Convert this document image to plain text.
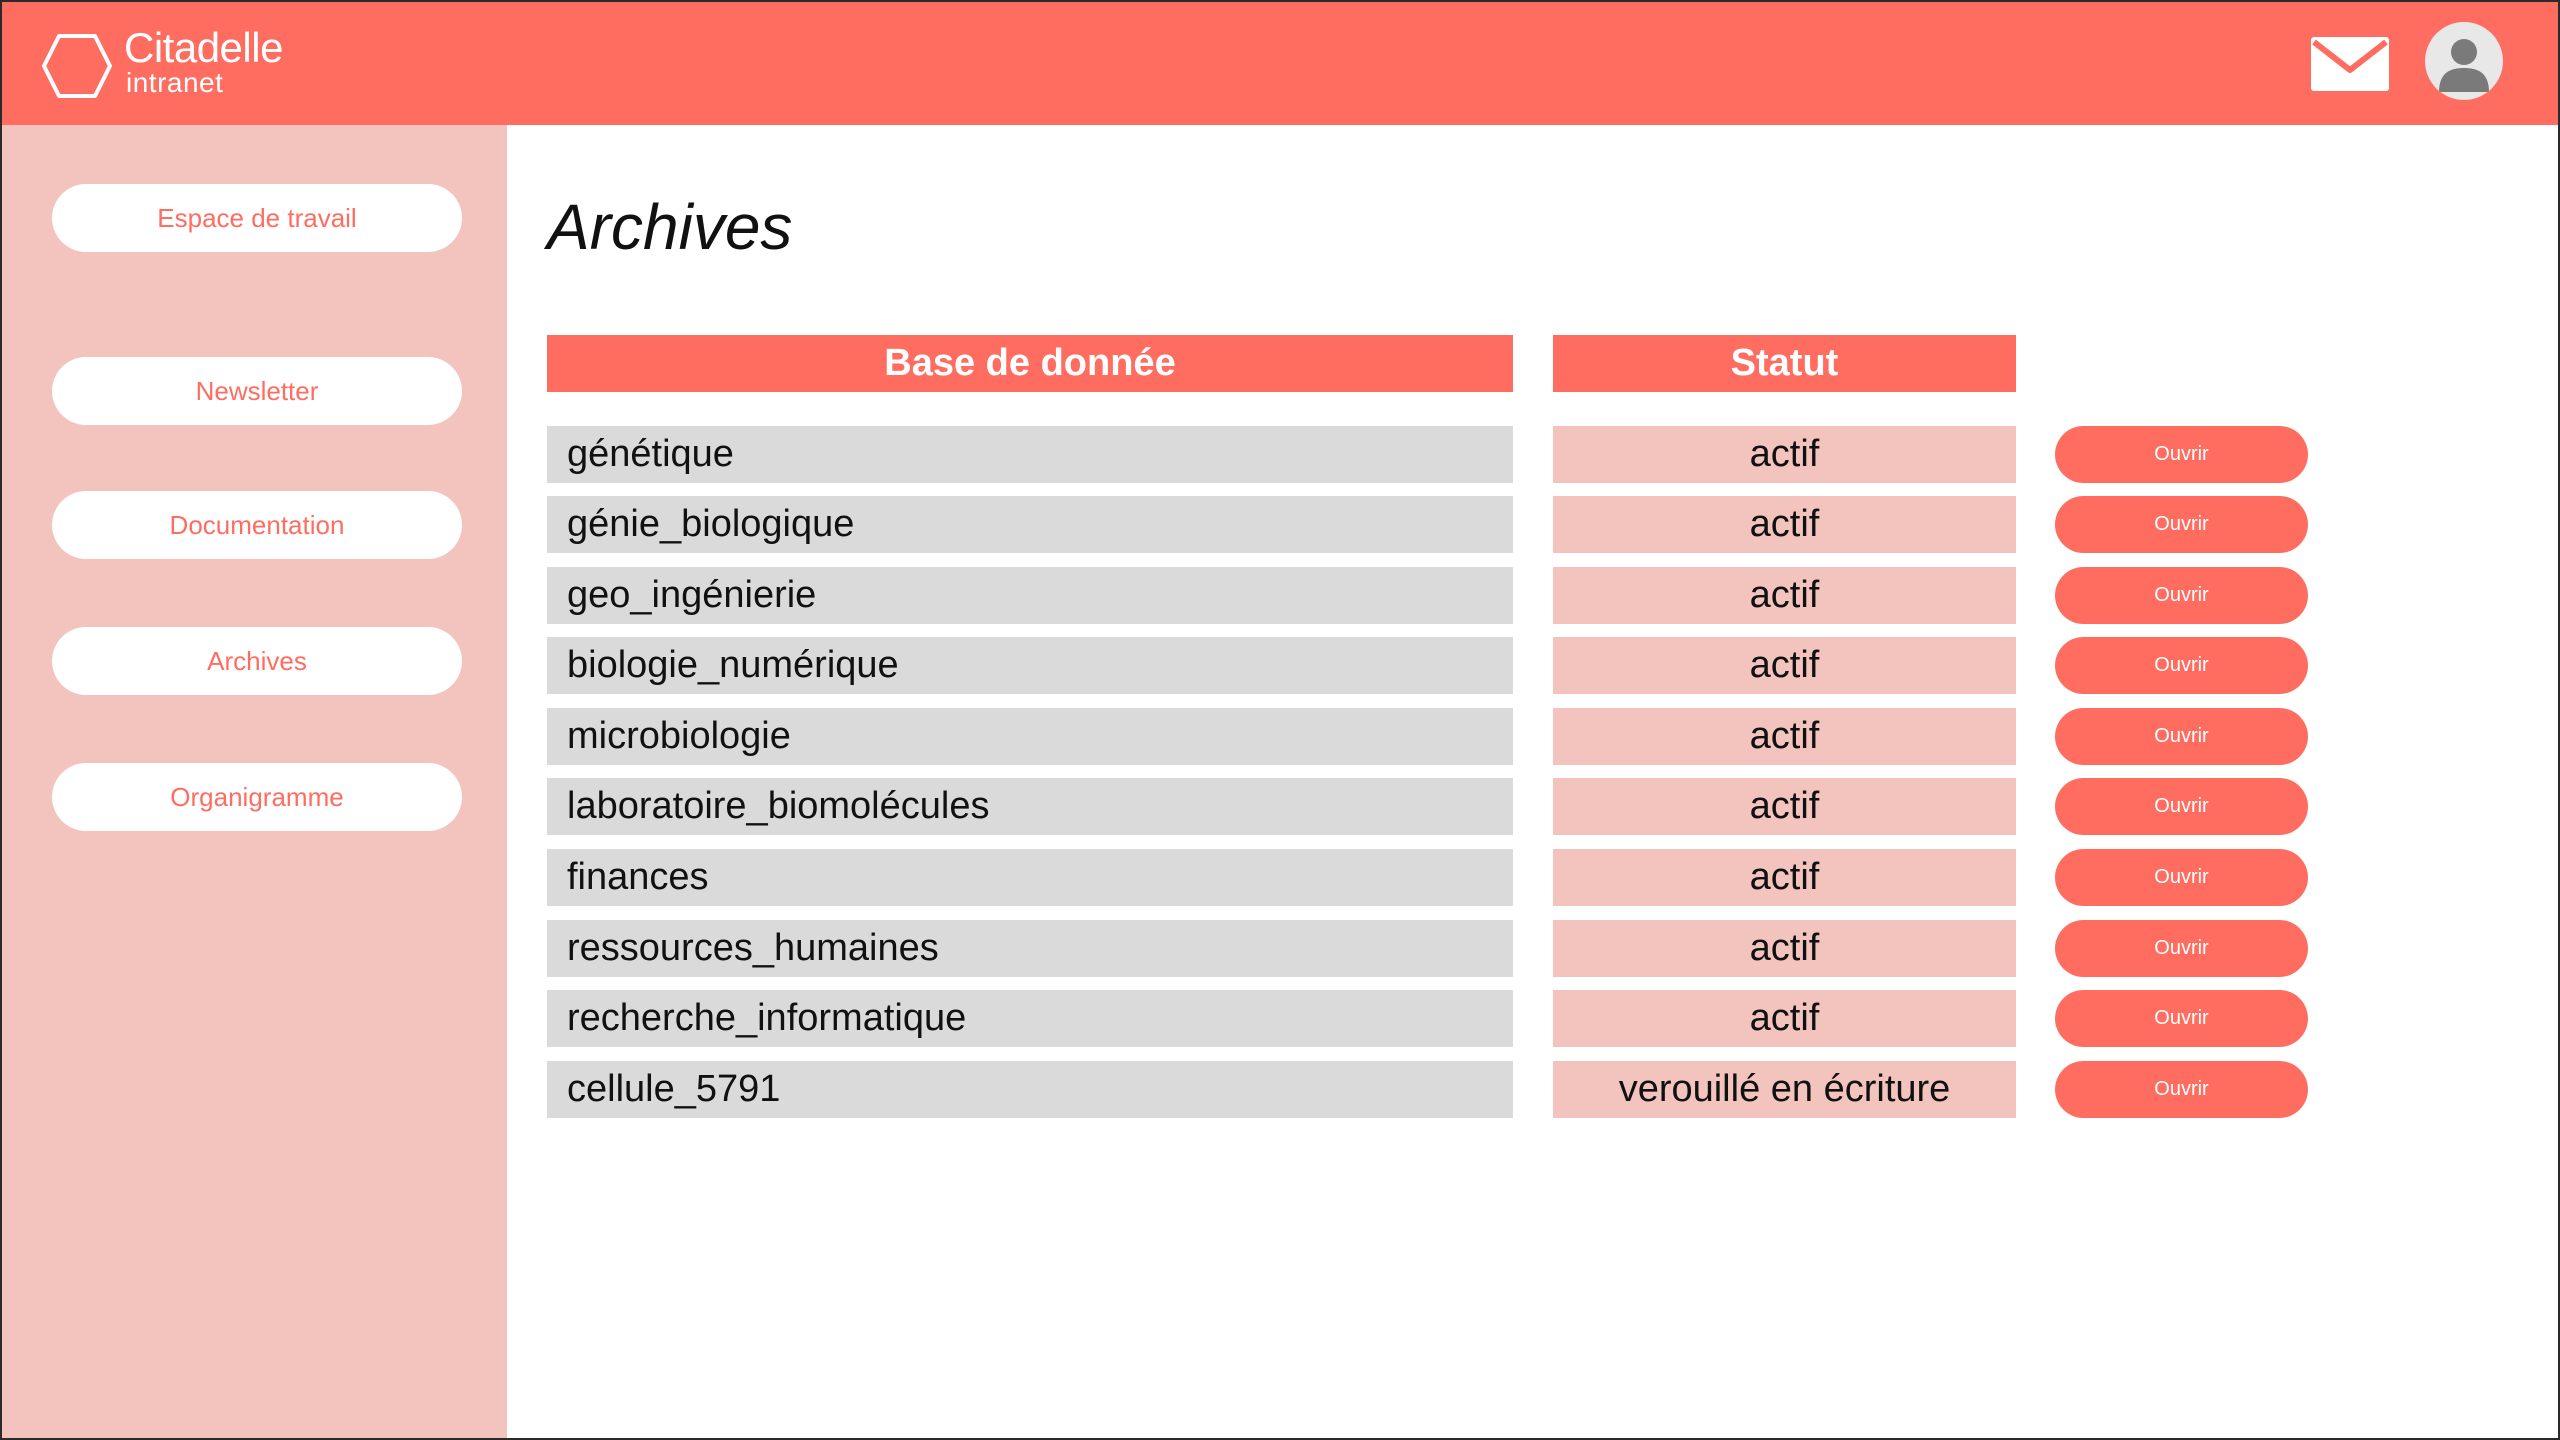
Citadelle
intranet
Espace de travail
Newsletter
Documentation
Archives
Organigramme
Archives
Base de donnée	Statut
génétique	actif	Ouvrir
génie_biologique	actif	Ouvrir
geo_ingénierie	actif	Ouvrir
biologie_numérique	actif	Ouvrir
microbiologie	actif	Ouvrir
laboratoire_biomolécules	actif	Ouvrir
finances	actif	Ouvrir
ressources_humaines	actif	Ouvrir
recherche_informatique	actif	Ouvrir
cellule_5791	verouillé en écriture	Ouvrir
